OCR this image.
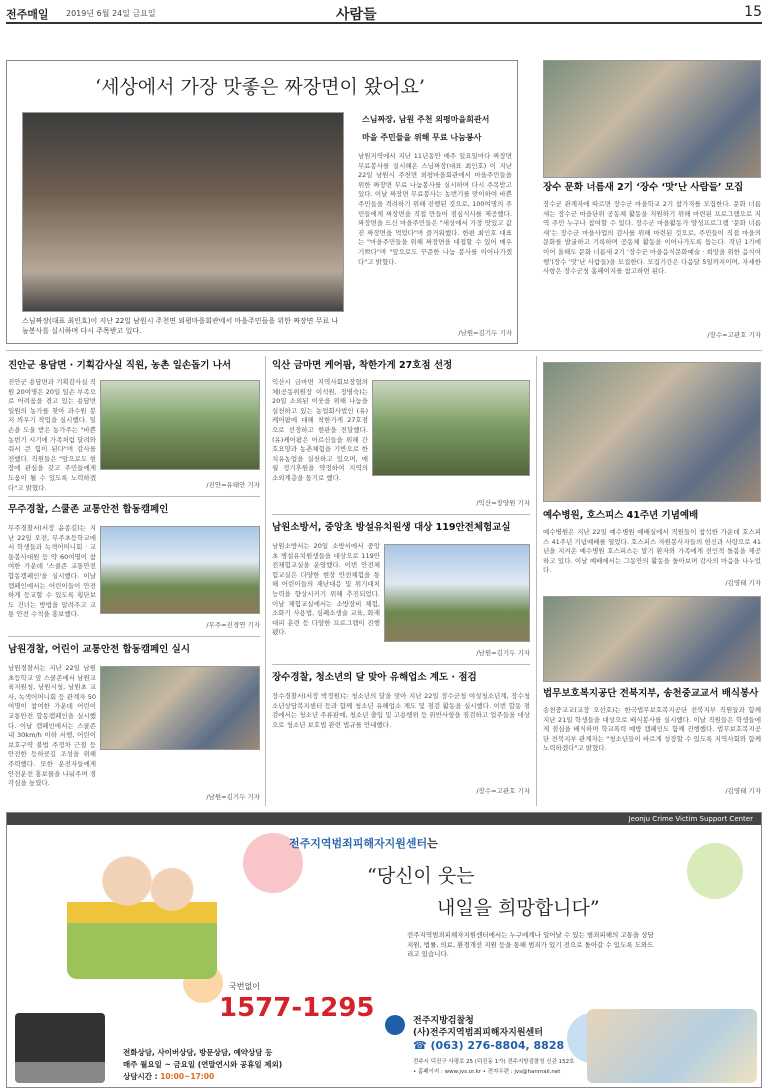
전주매일 2019년 6월 24일 금요일	사람들	15
‘세상에서 가장 맛좋은 짜장면이 왔어요’
스님짜장(대표 최인호)이 지난 22일 남원시 주천면 외평마을회관에서 마을주민들을 위한 짜장면 무료 나눔봉사를 실시하며 다시 주목받고 있다.
스님짜장, 남원 주천 외평마을회관서
마을 주민들을 위해 무료 나눔봉사
남원지역에서 지난 11년동안 매주 일요일마다 짜장면 무료봉사를 실시해온 스님짜장(대표 최인호) 이 지난 22일 남원시 주천면 외평마을회관에서 마을주민들을 위한 짜장면 무료 나눔봉사를 실시하며 다시 주목받고 있다. 이날 짜장면 무료봉사는 농번기를 맞이하여 바쁜 주민들을 격려하기 위해 진행된 것으로, 100여명의 주민들에게 짜장면을 직접 만들어 점심식사를 제공했다. 짜장면을 드신 마을주민들은 "세상에서 가장 맛있고 값진 짜장면을 먹었다"며 즐거워했다. 한편 최인호 대표는 "마을주민들을 위해 짜장면을 대접할 수 있어 매우 기쁘다"며 "앞으로도 꾸준한 나눔 봉사를 이어나가겠다"고 밝혔다.
/남원=김기두 기자
장수 문화 너름새 2기 ‘장수 ‘맛’난 사람들’ 모집
장수군 관계자에 따르면 장수군 마을학교 2기 참가자를 모집한다. 문화 너름새는 장수군 마을단위 공동체 활동을 지원하기 위해 마련된 프로그램으로 지역 주민 누구나 참여할 수 있다. 장수군 마을활동가 양성프로그램 ‘문화 너름새’는 장수군 마을사업의 감사를 위해 마련된 것으로, 주민들이 직접 마을의 문화를 발굴하고 기록하며 공동체 활동을 이어나가도록 돕는다. 작년 1기에 이어 올해도 문화 너름새 2기 ‘장수군 마을음식문화예술 · 희망을 위한 음식여행’(장수 ‘맛’난 사람들)을 모집한다. 모집기간은 다음달 5일까지이며, 자세한 사항은 장수군청 홈페이지를 참고하면 된다.
/장수=고관호 기자
진안군 용담면 · 기획감사실 직원, 농촌 일손돕기 나서
진안군 용담면과 기획감사실 직원 20여명은 20일 일손 부족으로 어려움을 겪고 있는 용담면 일원의 농가를 찾아 과수원 봉지 씌우기 작업을 실시했다. 일손을 도울 받은 농가주는 "바쁜 농번기 시기에 가족처럼 달려와 줘서 큰 힘이 된다"며 감사를 전했다. 직원들은 "앞으로도 현장에 관심을 갖고 주민들에게 도움이 될 수 있도록 노력하겠다"고 밝혔다.	/진안=유태안 기자
무주경찰, 스쿨존 교통안전 합동캠페인
무주경찰서(서장 윤종길)는 지난 22일 오전, 무주초등학교에서 학생들과 녹색어머니회 · 교통봉사대원 등 약 60여명이 참여한 가운데 '스쿨존 교통안전 합동캠페인'을 실시했다. 이날 캠페인에서는 어린이들이 안전하게 등교할 수 있도록 횡단보도 건너는 방법을 알려주고 교통 안전 수칙을 홍보했다.
/무주=진경연 기자
남원경찰, 어린이 교통안전 합동캠페인 실시
남원경찰서는 지난 22일 남원초등학교 앞 스쿨존에서 남원교육지원청, 남원시청, 남원초 교사, 녹색어머니회 등 관계자 50여명이 참여한 가운데 어린이 교통안전 합동캠페인을 실시했다. 이날 캠페인에서는 스쿨존 내 30km/h 이하 서행, 어린이 보호구역 불법 주정차 근절 등 안전한 등하굣길 조성을 위해 주력했다. 또한 운전자들에게 안전운전 홍보물을 나눠주며 경각심을 높였다.
/남원=김기두 기자
익산 금마면 케어팜, 착한가게 27호점 선정
익산시 금마면 지역사회보장협의체(공동위원장 이석원, 정병숙)는 20일 소외된 이웃을 위해 나눔을 실천하고 있는 농업회사법인 (유)케어팜에 대해 착한가게 27호점으로 선정하고 현판을 전달했다. (유)케어팜은 어르신들을 위해 간호요양과 농촌체험을 기반으로 한 치유농업을 실천하고 있으며, 매월 정기후원을 약정하여 지역의 소외계층을 돕기로 했다.
/익산=장양원 기자
남원소방서, 중앙초 방설유치원생 대상 119안전체험교실
남원소방서는 20일 소방서에서 중앙초 병설유치원생들을 대상으로 119안전체험교실을 운영했다. 이번 안전체험교실은 다양한 현장 안전체험을 통해 어린이들의 재난대응 및 위기대처 능력을 향상시키기 위해 추진되었다. 이날 체험교실에서는 소방장비 체험, 소화기 사용법, 심폐소생술 교육, 화재대피 훈련 등 다양한 프로그램이 진행됐다.
/남원=김기두 기자
장수경찰, 청소년의 달 맞아 유해업소 계도 · 점검
장수경찰서(서장 박정원)는 청소년의 달을 맞아 지난 22일 장수군청 여성청소년계, 장수청소년상담복지센터 등과 함께 청소년 유해업소 계도 및 점검 활동을 실시했다. 이번 합동 점검에서는 청소년 주류판매, 청소년 출입 및 고용행위 등 위반사항을 점검하고 업주들을 대상으로 청소년 보호법 관련 법규를 안내했다.
/장수=고관호 기자
예수병원, 호스피스 41주년 기념예배
예수병원은 지난 22일 예수병원 예배실에서 직원들이 참석한 가운데 호스피스 41주년 기념예배를 열었다. 호스피스 자원봉사자들의 헌신과 사랑으로 41년을 지켜온 예수병원 호스피스는 말기 환자와 가족에게 전인적 돌봄을 제공하고 있다. 이날 예배에서는 그동안의 활동을 돌아보며 감사의 마음을 나누었다.
/김영태 기자
법무보호복지공단 전북지부, 송천중교교서 배식봉사
송천중교교(교장 오선호)는 한국법무보호복지공단 전북지부 직원들과 함께 지난 21일 학생들을 대상으로 배식봉사를 실시했다. 이날 직원들은 학생들에게 점심을 배식하며 학교폭력 예방 캠페인도 함께 진행했다. 법무보호복지공단 전북지부 관계자는 "청소년들이 바르게 성장할 수 있도록 지역사회와 함께 노력하겠다"고 밝혔다.
/김영태 기자
Jeonju Crime Victim Support Center
전주지역범죄피해자지원센터는
“당신이 웃는
내일을 희망합니다”
전주지역범죄피해자지원센터에서는 누구에게나 일어날 수 있는 범죄피해의 고통을 상담지원, 법률, 의료, 환경개선 지원 등을 통해 범죄가 있기 전으로 돌아갈 수 있도록 도와드리고 있습니다.
국번없이
1577-1295
전화상담, 사이버상담, 방문상담, 예약상담 등
매주 월요일 ~ 금요일 (연말연시와 공휴일 제외)
상담시간 : 10:00~17:00
전주지방검찰청
(사)전주지역범죄피해자지원센터
☎ (063) 276-8804, 8828
전주시 덕진구 사평로 25 (덕진동 1가) 전주지방검찰청 신관 152호
• 홈페이지 : www.jvs.or.kr • 전자우편 : jvs@hanmail.net
